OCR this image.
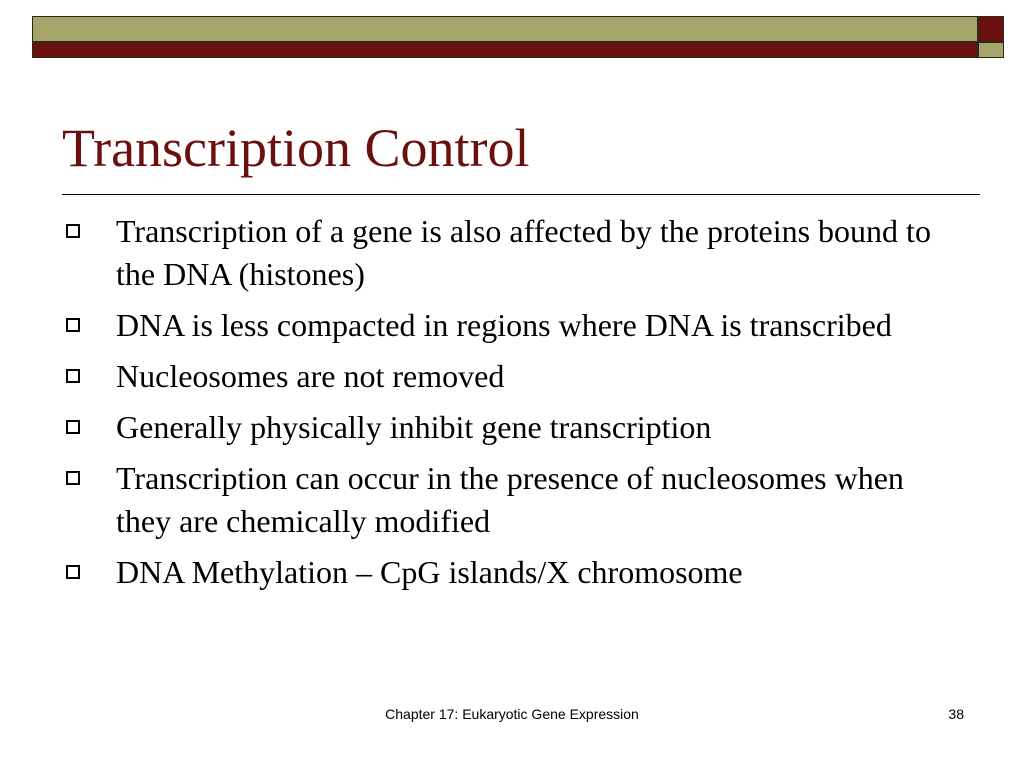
Transcription Control
Transcription of a gene is also affected by the proteins bound to the DNA (histones)
DNA is less compacted in regions where DNA is transcribed
Nucleosomes are not removed
Generally physically inhibit gene transcription
Transcription can occur in the presence of nucleosomes when they are chemically modified
DNA Methylation – CpG islands/X chromosome
Chapter 17: Eukaryotic Gene Expression	38
